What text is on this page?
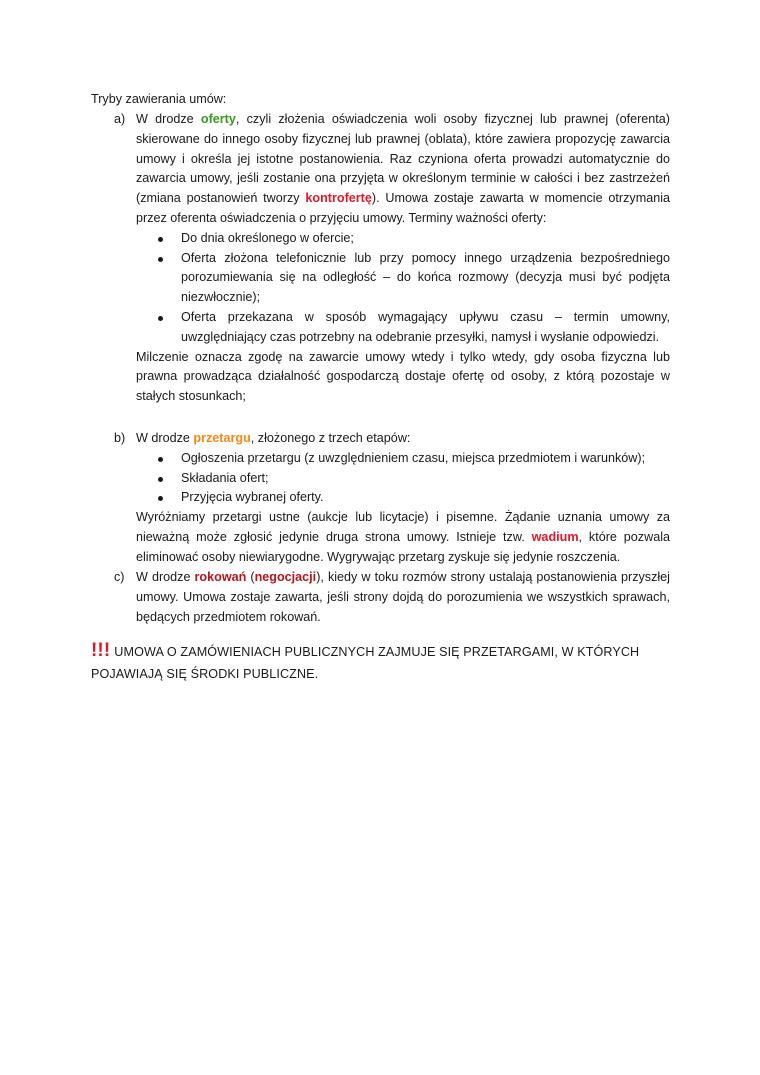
Tryby zawierania umów:
a) W drodze oferty, czyli złożenia oświadczenia woli osoby fizycznej lub prawnej (oferenta) skierowane do innego osoby fizycznej lub prawnej (oblata), które zawiera propozycję zawarcia umowy i określa jej istotne postanowienia. Raz czyniona oferta prowadzi automatycznie do zawarcia umowy, jeśli zostanie ona przyjęta w określonym terminie w całości i bez zastrzeżeń (zmiana postanowień tworzy kontrofertę). Umowa zostaje zawarta w momencie otrzymania przez oferenta oświadczenia o przyjęciu umowy. Terminy ważności oferty:
Do dnia określonego w ofercie;
Oferta złożona telefonicznie lub przy pomocy innego urządzenia bezpośredniego porozumiewania się na odległość – do końca rozmowy (decyzja musi być podjęta niezwłocznie);
Oferta przekazana w sposób wymagający upływu czasu – termin umowny, uwzględniający czas potrzebny na odebranie przesyłki, namysł i wysłanie odpowiedzi.
Milczenie oznacza zgodę na zawarcie umowy wtedy i tylko wtedy, gdy osoba fizyczna lub prawna prowadząca działalność gospodarczą dostaje ofertę od osoby, z którą pozostaje w stałych stosunkach;
b) W drodze przetargu, złożonego z trzech etapów:
Ogłoszenia przetargu (z uwzględnieniem czasu, miejsca przedmiotem i warunków);
Składania ofert;
Przyjęcia wybranej oferty.
Wyróżniamy przetargi ustne (aukcje lub licytacje) i pisemne. Żądanie uznania umowy za nieważną może zgłosić jedynie druga strona umowy. Istnieje tzw. wadium, które pozwala eliminować osoby niewiarygodne. Wygrywając przetarg zyskuje się jedynie roszczenia.
c) W drodze rokowań (negocjacji), kiedy w toku rozmów strony ustalają postanowienia przyszłej umowy. Umowa zostaje zawarta, jeśli strony dojdą do porozumienia we wszystkich sprawach, będących przedmiotem rokowań.
!!! UMOWA O ZAMÓWIENIACH PUBLICZNYCH ZAJMUJE SIĘ PRZETARGAMI, W KTÓRYCH POJAWIAJĄ SIĘ ŚRODKI PUBLICZNE.
